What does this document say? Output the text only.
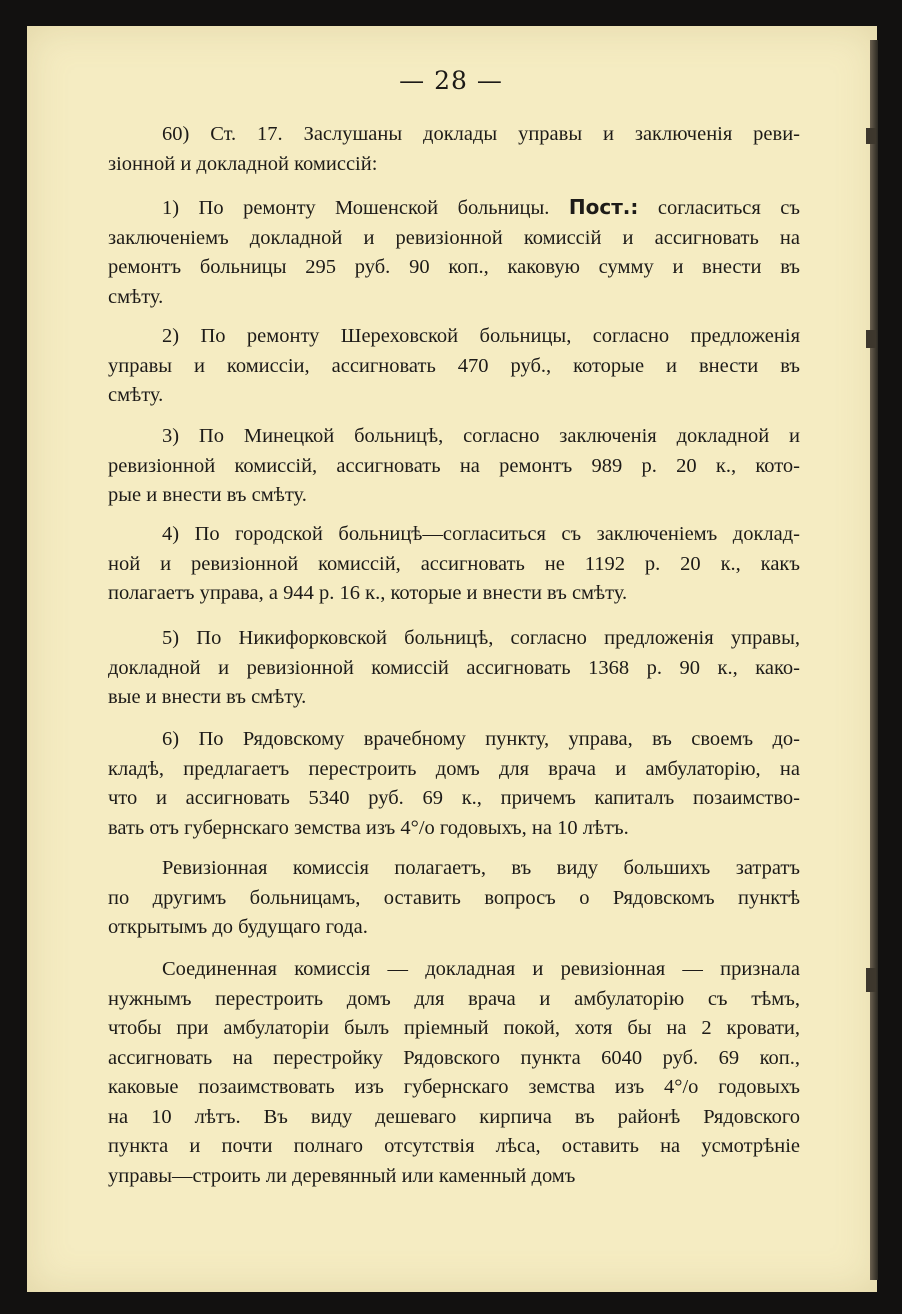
— 28 —

60) Ст. 17. Заслушаны доклады управы и заключенія реви-
зіонной и докладной комиссій:

1) По ремонту Мошенской больницы. Пост.: согласиться съ
заключеніемъ докладной и ревизіонной комиссій и ассигновать на
ремонтъ больницы 295 руб. 90 коп., каковую сумму и внести въ
смѣту.

2) По ремонту Шереховской больницы, согласно предложенія
управы и комиссіи, ассигновать 470 руб., которые и внести въ
смѣту.

3) По Минецкой больницѣ, согласно заключенія докладной и
ревизіонной комиссій, ассигновать на ремонтъ 989 р. 20 к., кото-
рые и внести въ смѣту.

4) По городской больницѣ—согласиться съ заключеніемъ доклад-
ной и ревизіонной комиссій, ассигновать не 1192 р. 20 к., какъ
полагаетъ управа, а 944 р. 16 к., которые и внести въ смѣту.

5) По Никифорковской больницѣ, согласно предложенія управы,
докладной и ревизіонной комиссій ассигновать 1368 р. 90 к., како-
вые и внести въ смѣту.

6) По Рядовскому врачебному пункту, управа, въ своемъ до-
кладѣ, предлагаетъ перестроить домъ для врача и амбулаторію, на
что и ассигновать 5340 руб. 69 к., причемъ капиталъ позаимство-
вать отъ губернскаго земства изъ 4°/о годовыхъ, на 10 лѣтъ.

Ревизіонная комиссія полагаетъ, въ виду большихъ затратъ
по другимъ больницамъ, оставить вопросъ о Рядовскомъ пунктѣ
открытымъ до будущаго года.

Соединенная комиссія — докладная и ревизіонная — признала
нужнымъ перестроить домъ для врача и амбулаторію съ тѣмъ,
чтобы при амбулаторіи былъ пріемный покой, хотя бы на 2 кровати,
ассигновать на перестройку Рядовского пункта 6040 руб. 69 коп.,
каковые позаимствовать изъ губернскаго земства изъ 4°/о годовыхъ
на 10 лѣтъ. Въ виду дешеваго кирпича въ районѣ Рядовского
пункта и почти полнаго отсутствія лѣса, оставить на усмотрѣніе
управы—строить ли деревянный или каменный домъ
